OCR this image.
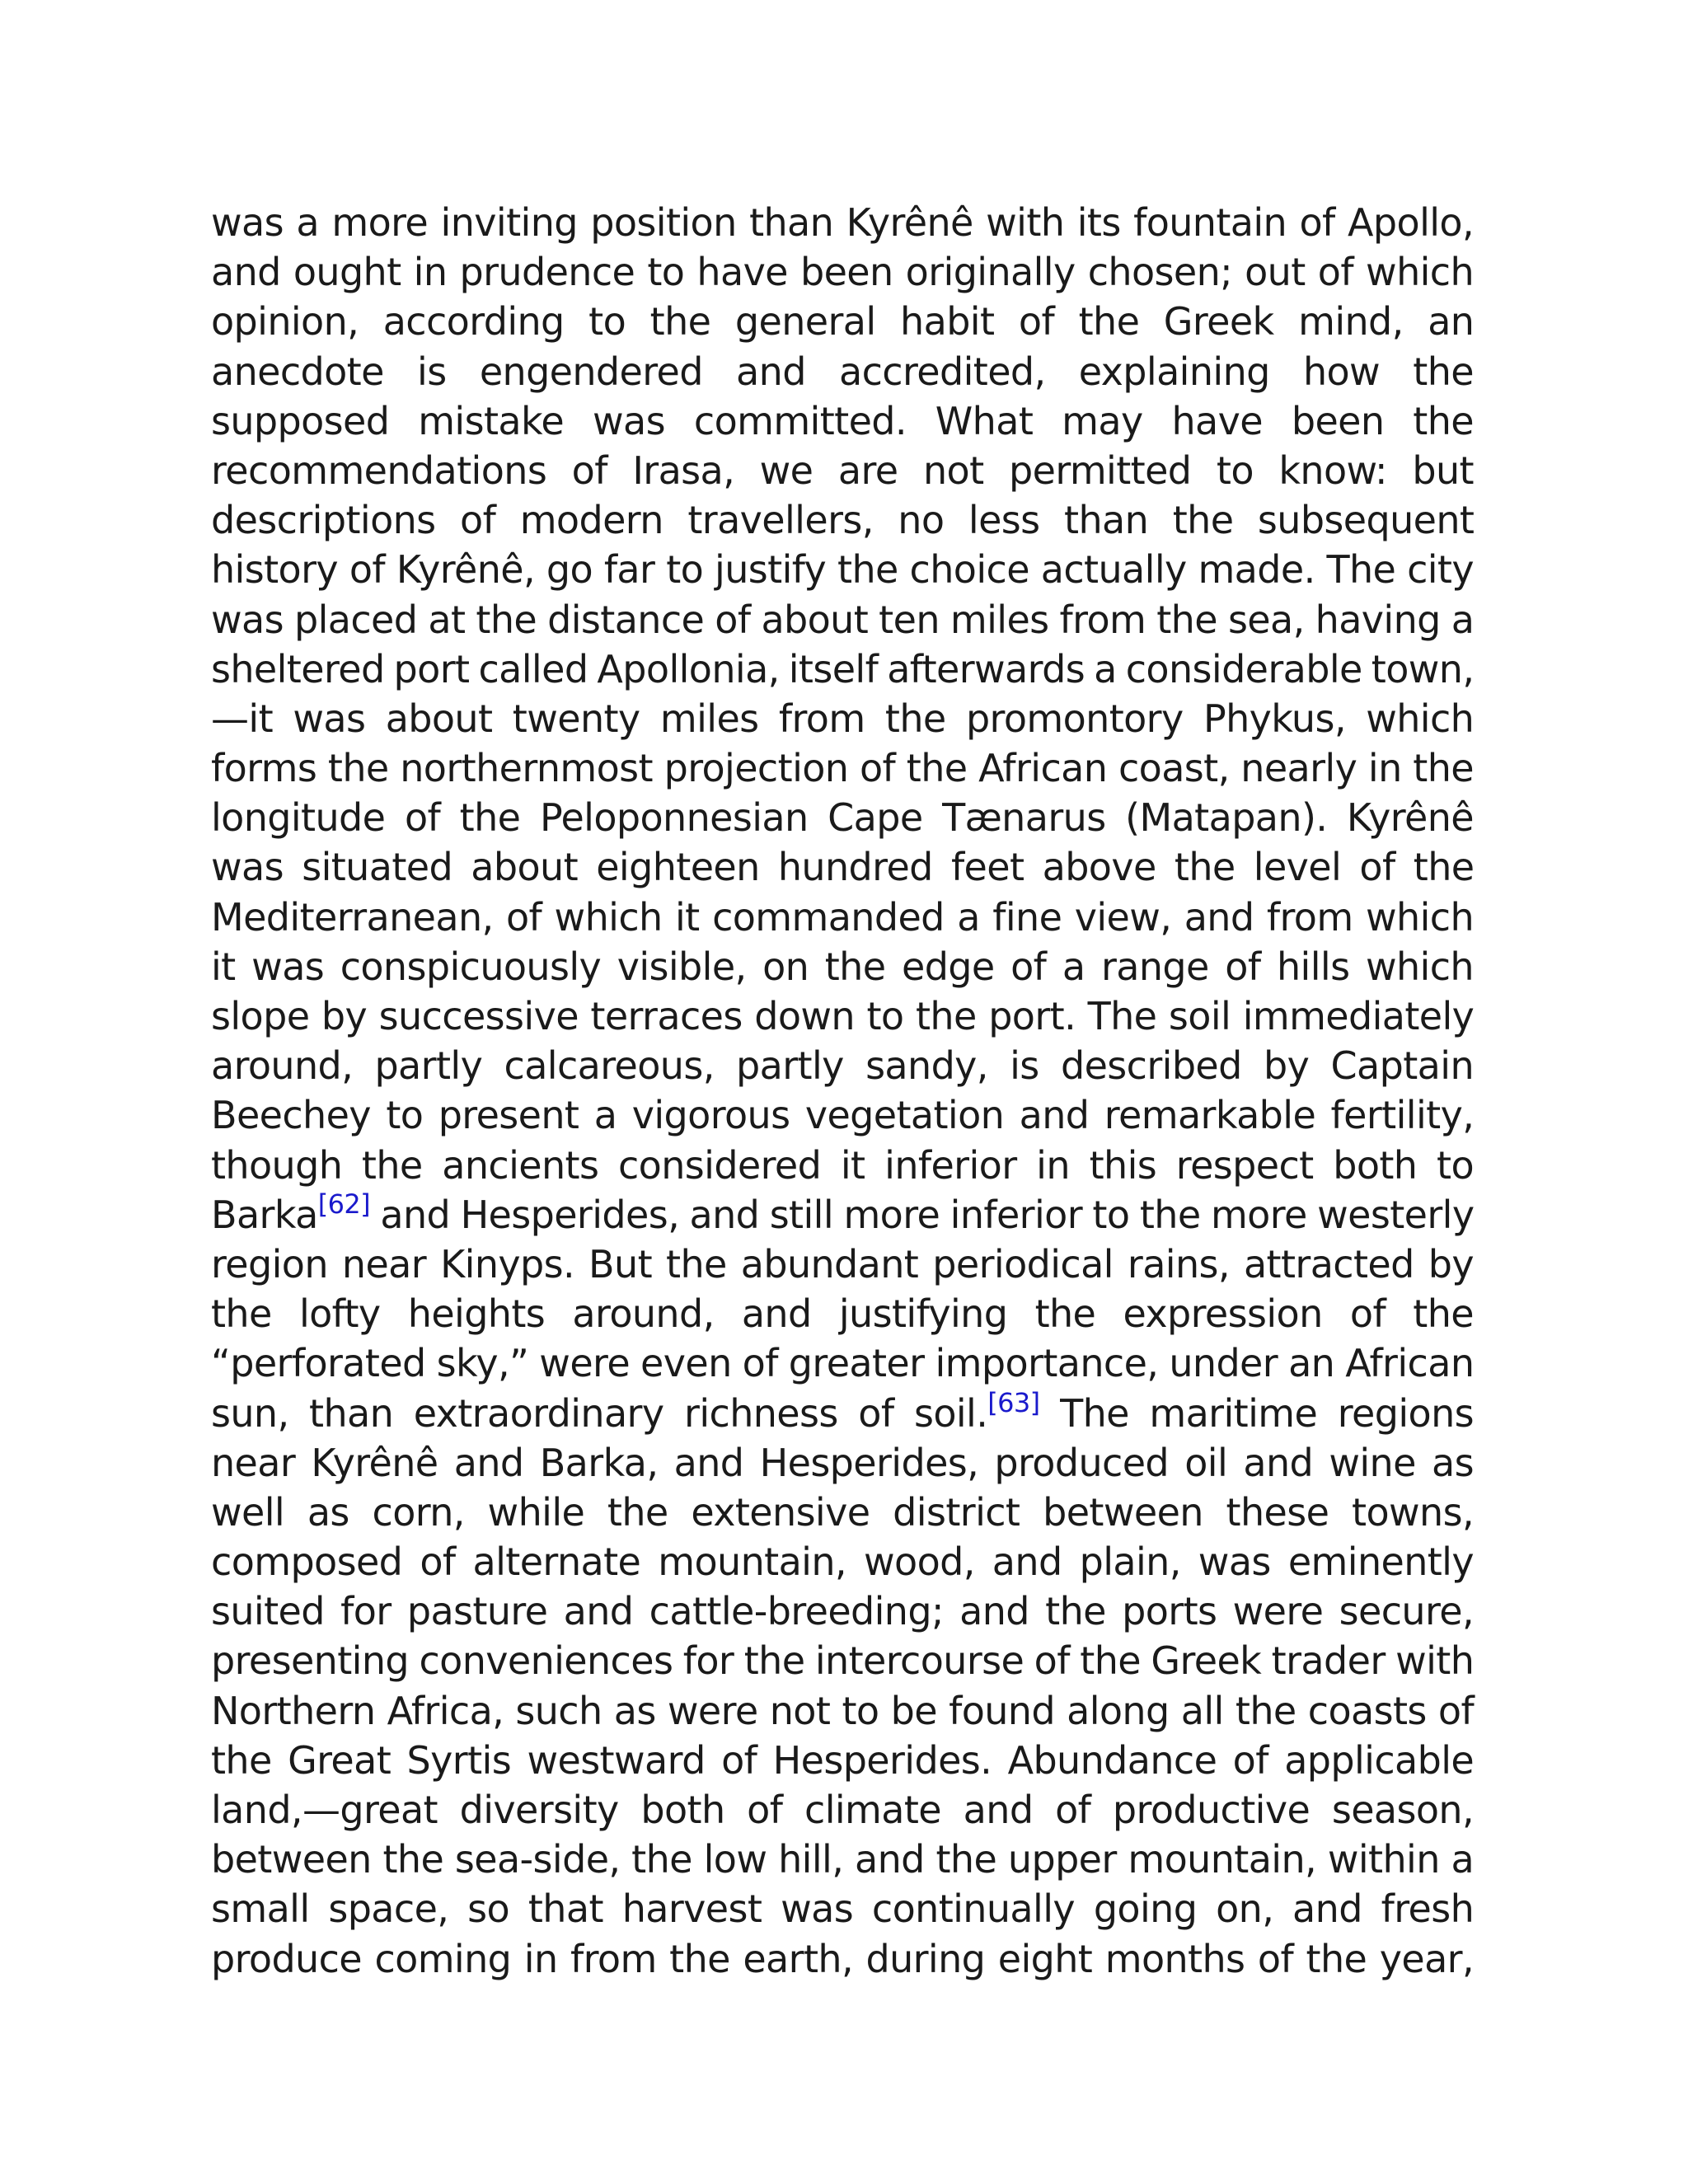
was a more inviting position than Kyrênê with its fountain of Apollo,
and ought in prudence to have been originally chosen; out of which
opinion, according to the general habit of the Greek mind, an
anecdote is engendered and accredited, explaining how the
supposed mistake was committed. What may have been the
recommendations of Irasa, we are not permitted to know: but
descriptions of modern travellers, no less than the subsequent
history of Kyrênê, go far to justify the choice actually made. The city
was placed at the distance of about ten miles from the sea, having a
sheltered port called Apollonia, itself afterwards a considerable town,
—it was about twenty miles from the promontory Phykus, which
forms the northernmost projection of the African coast, nearly in the
longitude of the Peloponnesian Cape Tænarus (Matapan). Kyrênê
was situated about eighteen hundred feet above the level of the
Mediterranean, of which it commanded a fine view, and from which
it was conspicuously visible, on the edge of a range of hills which
slope by successive terraces down to the port. The soil immediately
around, partly calcareous, partly sandy, is described by Captain
Beechey to present a vigorous vegetation and remarkable fertility,
though the ancients considered it inferior in this respect both to
Barka[62] and Hesperides, and still more inferior to the more westerly
region near Kinyps. But the abundant periodical rains, attracted by
the lofty heights around, and justifying the expression of the
“perforated sky,” were even of greater importance, under an African
sun, than extraordinary richness of soil.[63] The maritime regions
near Kyrênê and Barka, and Hesperides, produced oil and wine as
well as corn, while the extensive district between these towns,
composed of alternate mountain, wood, and plain, was eminently
suited for pasture and cattle-breeding; and the ports were secure,
presenting conveniences for the intercourse of the Greek trader with
Northern Africa, such as were not to be found along all the coasts of
the Great Syrtis westward of Hesperides. Abundance of applicable
land,—great diversity both of climate and of productive season,
between the sea-side, the low hill, and the upper mountain, within a
small space, so that harvest was continually going on, and fresh
produce coming in from the earth, during eight months of the year,
